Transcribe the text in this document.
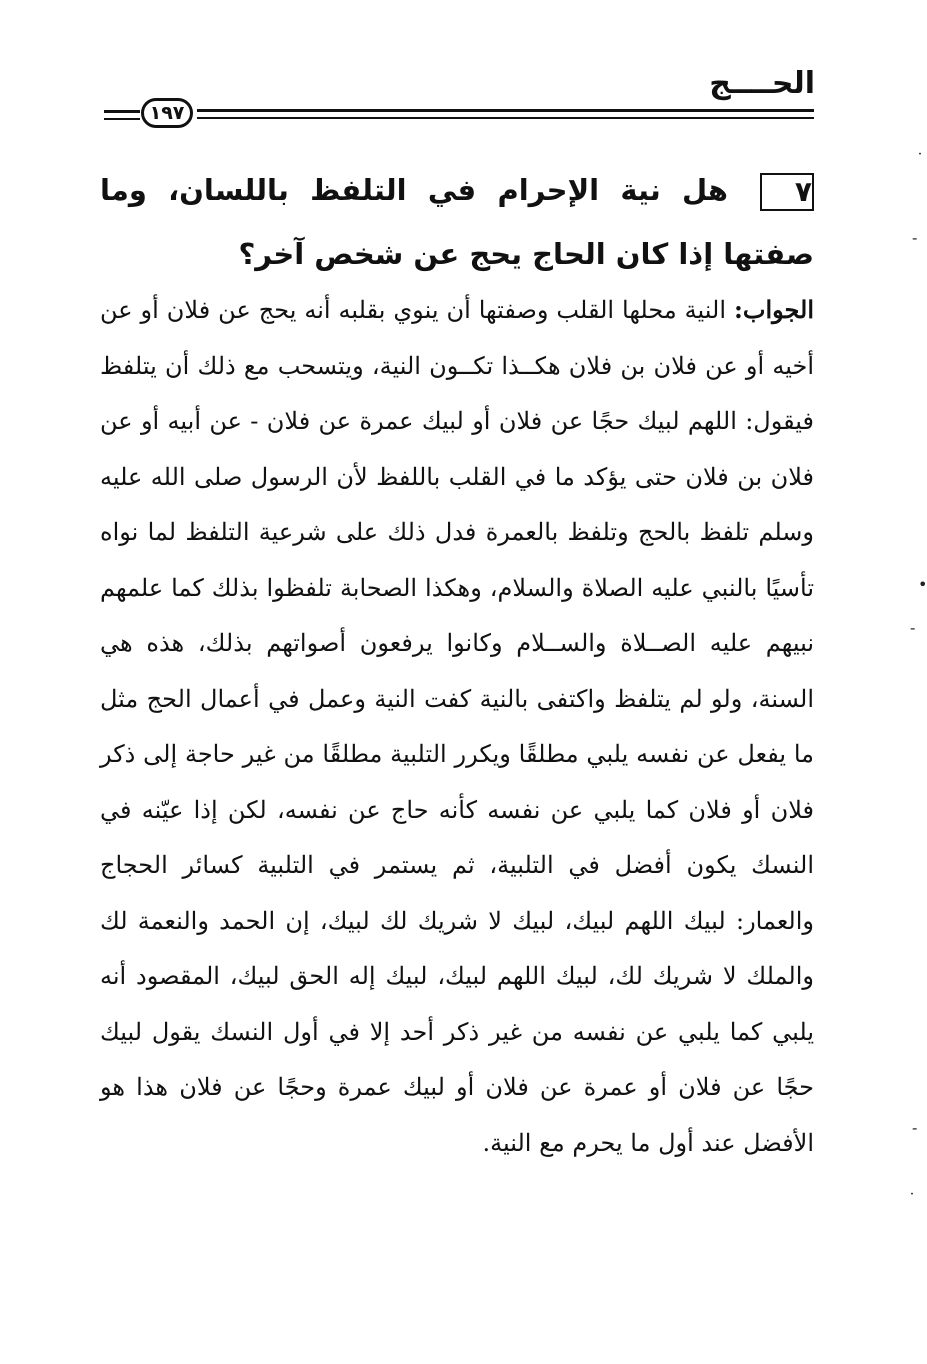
الحــــج
١٩٧
٧هل نية الإحرام في التلفظ باللسان، وما صفتها إذا كان الحاج يحج عن شخص آخر؟
الجواب: النية محلها القلب وصفتها أن ينوي بقلبه أنه يحج عن فلان أو عن أخيه أو عن فلان بن فلان هكــذا تكــون النية، ويتسحب مع ذلك أن يتلفظ فيقول: اللهم لبيك حجًا عن فلان أو لبيك عمرة عن فلان - عن أبيه أو عن فلان بن فلان حتى يؤكد ما في القلب باللفظ لأن الرسول صلى الله عليه وسلم تلفظ بالحج وتلفظ بالعمرة فدل ذلك على شرعية التلفظ لما نواه تأسيًا بالنبي عليه الصلاة والسلام، وهكذا الصحابة تلفظوا بذلك كما علمهم نبيهم عليه الصــلاة والســلام وكانوا يرفعون أصواتهم بذلك، هذه هي السنة، ولو لم يتلفظ واكتفى بالنية كفت النية وعمل في أعمال الحج مثل ما يفعل عن نفسه يلبي مطلقًا ويكرر التلبية مطلقًا من غير حاجة إلى ذكر فلان أو فلان كما يلبي عن نفسه كأنه حاج عن نفسه، لكن إذا عيّنه في النسك يكون أفضل في التلبية، ثم يستمر في التلبية كسائر الحجاج والعمار: لبيك اللهم لبيك، لبيك لا شريك لك لبيك، إن الحمد والنعمة لك والملك لا شريك لك، لبيك اللهم لبيك، لبيك إله الحق لبيك، المقصود أنه يلبي كما يلبي عن نفسه من غير ذكر أحد إلا في أول النسك يقول لبيك حجًا عن فلان أو عمرة عن فلان أو لبيك عمرة وحجًا عن فلان هذا هو الأفضل عند أول ما يحرم مع النية.
˙
-
•
-
-
˙
